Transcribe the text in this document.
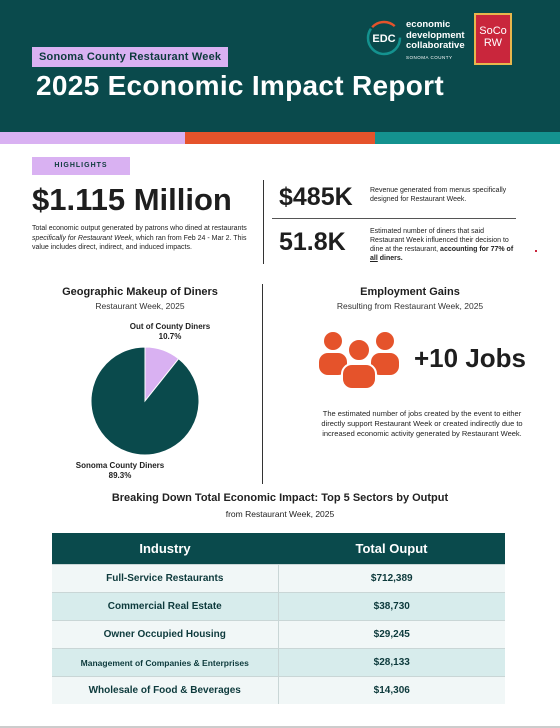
Sonoma County Restaurant Week
2025 Economic Impact Report
EDC
economic
development
collaborative
SONOMA COUNTY
SoCo
RW
HIGHLIGHTS
$1.115 Million
Total economic output generated by patrons who dined at restaurants specifically for Restaurant Week, which ran from Feb 24 - Mar 2. This value includes direct, indirect, and induced impacts.
$485K Revenue generated from menus specifically designed for Restaurant Week.
51.8K	Estimated number of diners that said Restaurant Week influenced their decision to dine at the restaurant, accounting for 77% of all diners.
Geographic Makeup of Diners
Restaurant Week, 2025
Out of County Diners
10.7%
Sonoma County Diners
89.3%
Employment Gains
Resulting from Restaurant Week, 2025
+10 Jobs
The estimated number of jobs created by the event to either directly support Restaurant Week or created indirectly due to increased economic activity generated by Restaurant Week.
Breaking Down Total Economic Impact: Top 5 Sectors by Output
from Restaurant Week, 2025
Industry	Total Ouput
Full-Service Restaurants	$712,389
Commercial Real Estate	$38,730
Owner Occupied Housing	$29,245
Management of Companies & Enterprises	$28,133
Wholesale of Food & Beverages	$14,306
